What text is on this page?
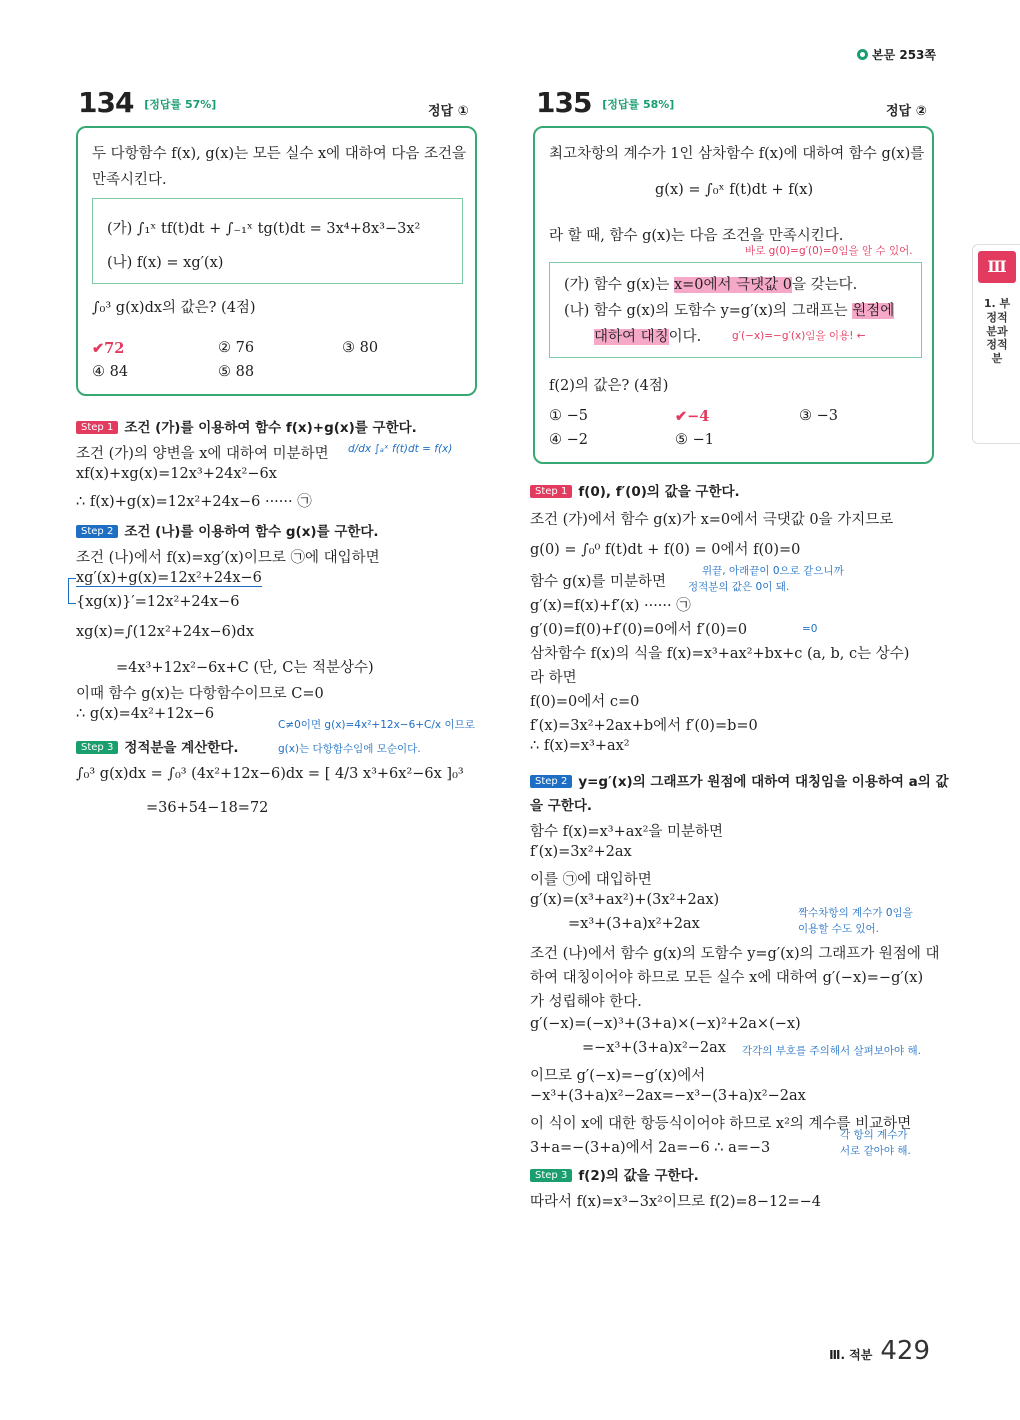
본문 253쪽
Ⅲ
1. 부정적분과 정적분
134 [정답률 57%]	정답 ①
두 다항함수 f(x), g(x)는 모든 실수 x에 대하여 다음 조건을
만족시킨다.
(가) ∫₁ˣ tf(t)dt + ∫₋₁ˣ tg(t)dt = 3x⁴+8x³−3x²
(나) f(x) = xg′(x)
∫₀³ g(x)dx의 값은? (4점)
✔72	② 76	③ 80
④ 84	⑤ 88
Step 1 조건 (가)를 이용하여 함수 f(x)+g(x)를 구한다.
조건 (가)의 양변을 x에 대하여 미분하면 d/dx ∫ₐˣ f(t)dt = f(x)
xf(x)+xg(x)=12x³+24x²−6x
∴ f(x)+g(x)=12x²+24x−6 ······ ㉠
Step 2 조건 (나)를 이용하여 함수 g(x)를 구한다.
조건 (나)에서 f(x)=xg′(x)이므로 ㉠에 대입하면
xg′(x)+g(x)=12x²+24x−6
{xg(x)}′=12x²+24x−6
xg(x)=∫(12x²+24x−6)dx
=4x³+12x²−6x+C (단, C는 적분상수)
이때 함수 g(x)는 다항함수이므로 C=0
∴ g(x)=4x²+12x−6
C≠0이면 g(x)=4x²+12x−6+C/x 이므로
g(x)는 다항함수임에 모순이다.
Step 3 정적분을 계산한다.
∫₀³ g(x)dx = ∫₀³ (4x²+12x−6)dx = [ 4/3 x³+6x²−6x ]₀³
=36+54−18=72
135 [정답률 58%]	정답 ②
최고차항의 계수가 1인 삼차함수 f(x)에 대하여 함수 g(x)를
g(x) = ∫₀ˣ f(t)dt + f(x)
라 할 때, 함수 g(x)는 다음 조건을 만족시킨다.
바로 g(0)=g′(0)=0임을 알 수 있어.
(가) 함수 g(x)는 x=0에서 극댓값 0을 갖는다.
(나) 함수 g(x)의 도함수 y=g′(x)의 그래프는 원점에
대하여 대칭이다.	g′(−x)=−g′(x)임을 이용! ←
f(2)의 값은? (4점)
① −5	✔−4	③ −3
④ −2	⑤ −1
Step 1 f(0), f′(0)의 값을 구한다.
조건 (가)에서 함수 g(x)가 x=0에서 극댓값 0을 가지므로
g(0) = ∫₀⁰ f(t)dt + f(0) = 0에서 f(0)=0
함수 g(x)를 미분하면
위끝, 아래끝이 0으로 같으니까
정적분의 값은 0이 돼.
g′(x)=f(x)+f′(x) ······ ㉠
g′(0)=f(0)+f′(0)=0에서 f′(0)=0	=0
삼차함수 f(x)의 식을 f(x)=x³+ax²+bx+c (a, b, c는 상수)
라 하면
f(0)=0에서 c=0
f′(x)=3x²+2ax+b에서 f′(0)=b=0
∴ f(x)=x³+ax²
Step 2 y=g′(x)의 그래프가 원점에 대하여 대칭임을 이용하여 a의 값
을 구한다.
함수 f(x)=x³+ax²을 미분하면
f′(x)=3x²+2ax
이를 ㉠에 대입하면
g′(x)=(x³+ax²)+(3x²+2ax)
=x³+(3+a)x²+2ax
짝수차항의 계수가 0임을
이용할 수도 있어.
조건 (나)에서 함수 g(x)의 도함수 y=g′(x)의 그래프가 원점에 대
하여 대칭이어야 하므로 모든 실수 x에 대하여 g′(−x)=−g′(x)
가 성립해야 한다.
g′(−x)=(−x)³+(3+a)×(−x)²+2a×(−x)
=−x³+(3+a)x²−2ax 각각의 부호를 주의해서 살펴보아야 해.
이므로 g′(−x)=−g′(x)에서
−x³+(3+a)x²−2ax=−x³−(3+a)x²−2ax
이 식이 x에 대한 항등식이어야 하므로 x²의 계수를 비교하면
3+a=−(3+a)에서 2a=−6 ∴ a=−3
각 항의 계수가
서로 같아야 해.
Step 3 f(2)의 값을 구한다.
따라서 f(x)=x³−3x²이므로 f(2)=8−12=−4
Ⅲ. 적분 429
